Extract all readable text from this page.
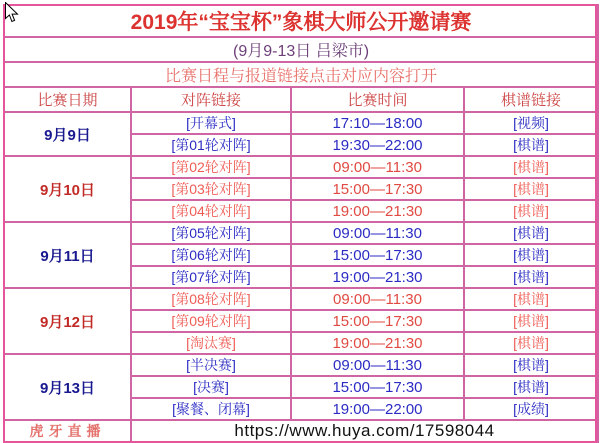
2019年“宝宝杯”象棋大师公开邀请赛			
(9月9-13日 吕梁市)			
比赛日程与报道链接点击对应内容打开			
比赛日期	对阵链接	比赛时间	棋谱链接
9月9日	[开幕式]	17:10—18:00	[视频]
	[第01轮对阵]	19:30—22:00	[棋谱]
9月10日	[第02轮对阵]	09:00—11:30	[棋谱]
	[第03轮对阵]	15:00—17:30	[棋谱]
	[第04轮对阵]	19:00—21:30	[棋谱]
9月11日	[第05轮对阵]	09:00—11:30	[棋谱]
	[第06轮对阵]	15:00—17:30	[棋谱]
	[第07轮对阵]	19:00—21:30	[棋谱]
9月12日	[第08轮对阵]	09:00—11:30	[棋谱]
	[第09轮对阵]	15:00—17:30	[棋谱]
	[淘汰赛]	19:00—21:30	[棋谱]
9月13日	[半决赛]	09:00—11:30	[棋谱]
	[决赛]	15:00—17:30	[棋谱]
	[聚餐、闭幕]	19:00—22:00	[成绩]
虎牙直播	https://www.huya.com/17598044		
